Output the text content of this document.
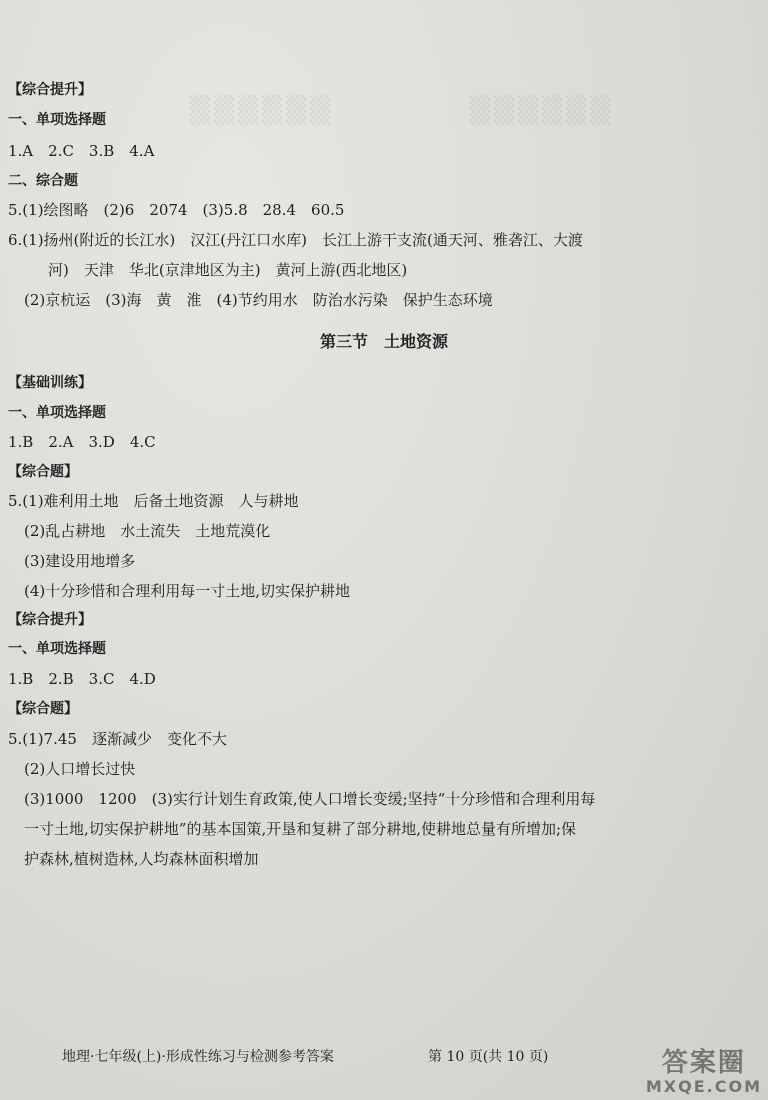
▒▒▒▒▒▒	▒▒▒▒▒▒
【综合提升】
一、单项选择题
1.A　2.C　3.B　4.A
二、综合题
5.(1)绘图略　(2)6　2074　(3)5.8　28.4　60.5
6.(1)扬州(附近的长江水)　汉江(丹江口水库)　长江上游干支流(通天河、雅砻江、大渡
河)　天津　华北(京津地区为主)　黄河上游(西北地区)
(2)京杭运　(3)海　黄　淮　(4)节约用水　防治水污染　保护生态环境
第三节　土地资源
【基础训练】
一、单项选择题
1.B　2.A　3.D　4.C
【综合题】
5.(1)难利用土地　后备土地资源　人与耕地
(2)乱占耕地　水土流失　土地荒漠化
(3)建设用地增多
(4)十分珍惜和合理利用每一寸土地,切实保护耕地
【综合提升】
一、单项选择题
1.B　2.B　3.C　4.D
【综合题】
5.(1)7.45　逐渐减少　变化不大
(2)人口增长过快
(3)1000　1200　(3)实行计划生育政策,使人口增长变缓;坚持“十分珍惜和合理利用每
一寸土地,切实保护耕地”的基本国策,开垦和复耕了部分耕地,使耕地总量有所增加;保
护森林,植树造林,人均森林面积增加
地理·七年级(上)·形成性练习与检测参考答案	第 10 页(共 10 页)	答案圈
MXQE.COM
